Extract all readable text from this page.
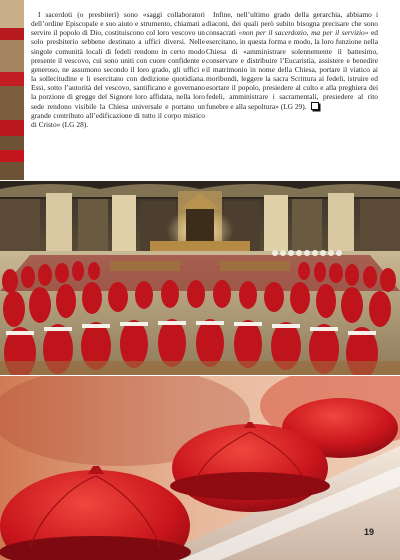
I sacerdoti (o presbiteri) sono «saggi collaboratori dell’ordine Episcopale e suo aiuto e strumento, chiamati a servire il popolo di Dio, costituiscono col loro vescovo un solo presbiterio sebbene destinato a uffici diversi. Nelle singole comunità locali di fedeli rendono in certo modo presente il vescovo, cui sono uniti con cuore confidente e generoso, ne assumono secondo il loro grado, gli uffici e la sollecitudine e li esercitano con dedizione quotidiana. Essi, sotto l’autorità del vescovo, santificano e governano la porzione di gregge del Signore loro affidata, nella loro sede rendono visibile la Chiesa universale e portano un grande contributo all’edificazione di tutto il corpo mistico di Cristo» (LG 28).

Infine, nell’ultimo grado della gerarchia, abbiamo i diaconi, dei quali però subito bisogna precisare che sono consacrati «non per il sacerdozio, ma per il servizio» ed esercitano, in questa forma e modo, la loro funzione nella Chiesa di «amministrare solennemente il battesimo, conservare e distribuire l’Eucaristia, assistere e benedire il matrimonio in nome della Chiesa, portare il viatico ai moribondi, leggere la sacra Scrittura ai fedeli, istruire ed esortare il popolo, presiedere al culto e alla preghiera dei fedeli, amministrare i sacramentali, presiedere al rito funebre e alla sepoltura» (LG 29).

19
